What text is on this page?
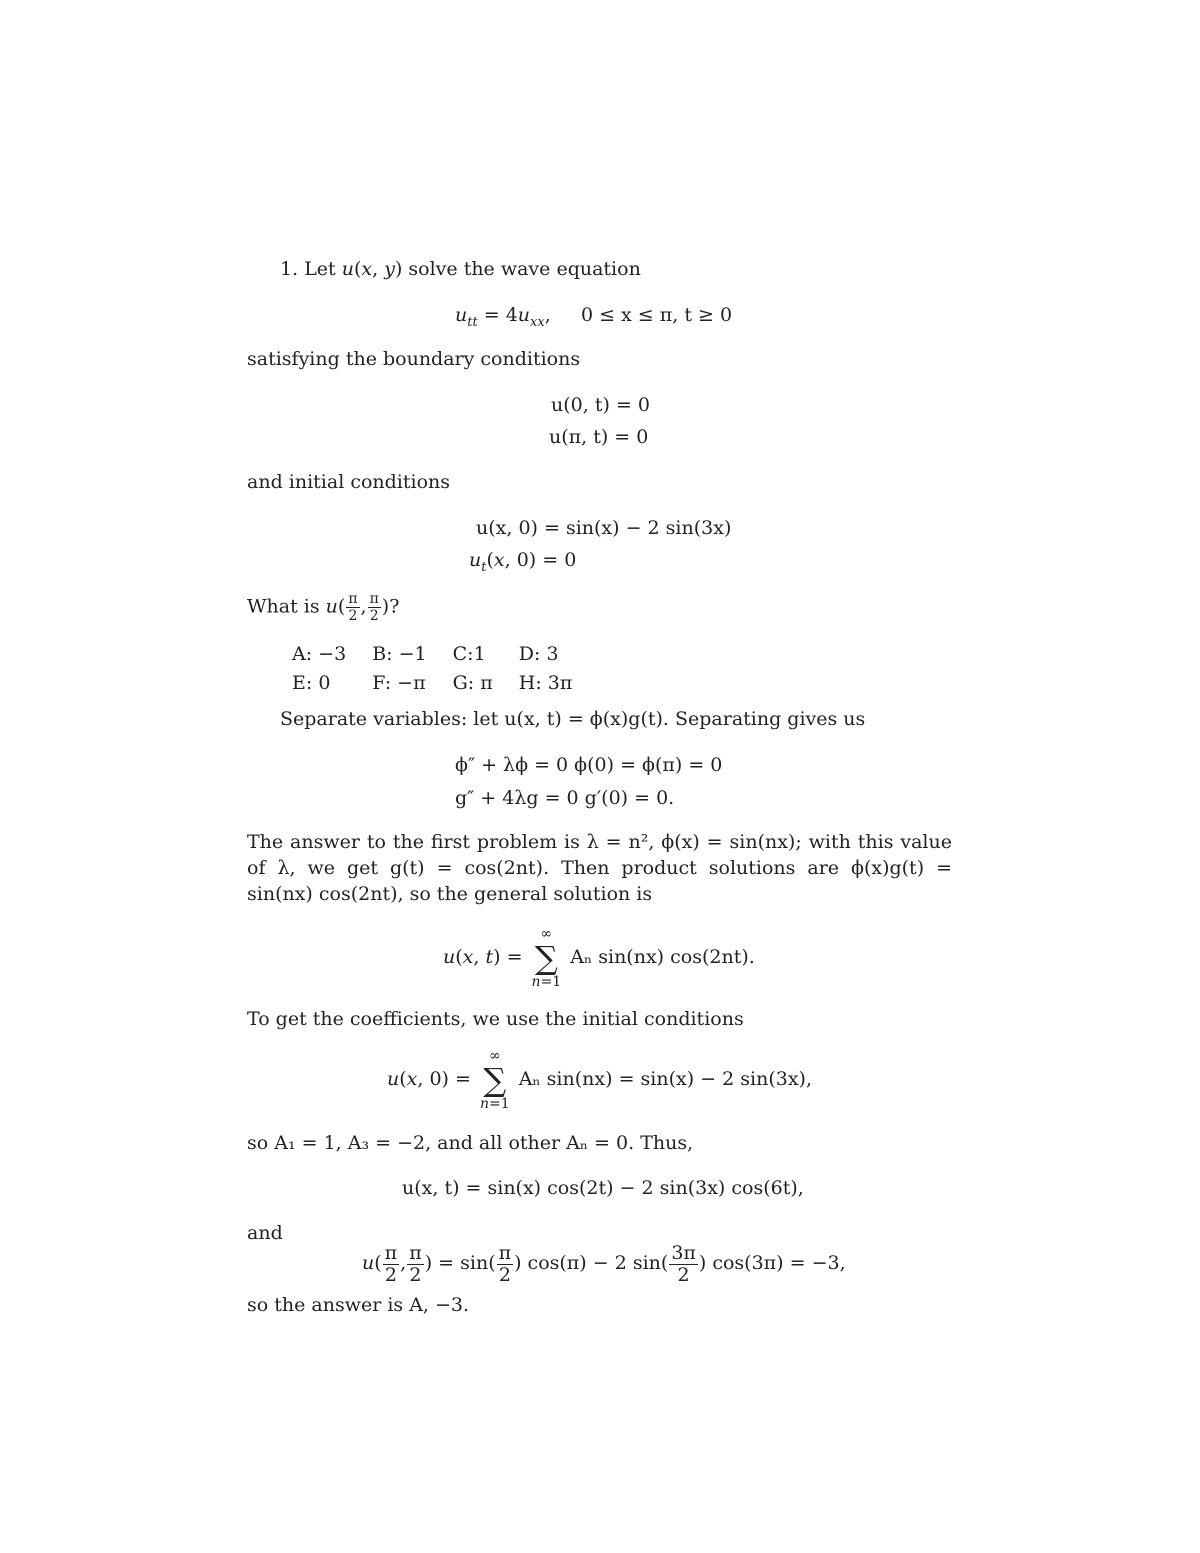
1. Let u(x, y) solve the wave equation
$u_{tt} = 4u_{xx}$,     0 ≤ x ≤ π, t ≥ 0
satisfying the boundary conditions
u(0, t) = 0
u(π, t) = 0
and initial conditions
u(x, 0) = sin(x) − 2 sin(3x)
$u_t(x$, 0) = 0
What is $u( \frac{\pi}{2}$ , $\frac{\pi}{2}$ )?
A: −3	B: −1	C:1	D: 3
E: 0	F: −π	G: π	H: 3π
Separate variables: let u(x, t) = ϕ(x)g(t). Separating gives us
ϕ″ + λϕ = 0 ϕ(0) = ϕ(π) = 0
g″ + 4λg = 0 g′(0) = 0.
The answer to the first problem is λ = n², ϕ(x) = sin(nx); with this value of λ, we get g(t) = cos(2nt). Then product solutions are ϕ(x)g(t) = sin(nx) cos(2nt), so the general solution is
u(x, t) =
∞
∑
n=1
Aₙ sin(nx) cos(2nt).
To get the coefficients, we use the initial conditions
u(x, 0) =
∞
∑
n=1
Aₙ sin(nx) = sin(x) − 2 sin(3x),
so A₁ = 1, A₃ = −2, and all other Aₙ = 0. Thus,
u(x, t) = sin(x) cos(2t) − 2 sin(3x) cos(6t),
and
$u( \frac{\pi}{2}$ , $\frac{\pi}{2}$ ) = $\sin( \frac{\pi}{2}$ ) cos(π) − 2 $\sin( \frac{3\pi}{2}$ ) cos(3π) = −3,
so the answer is A, −3.
